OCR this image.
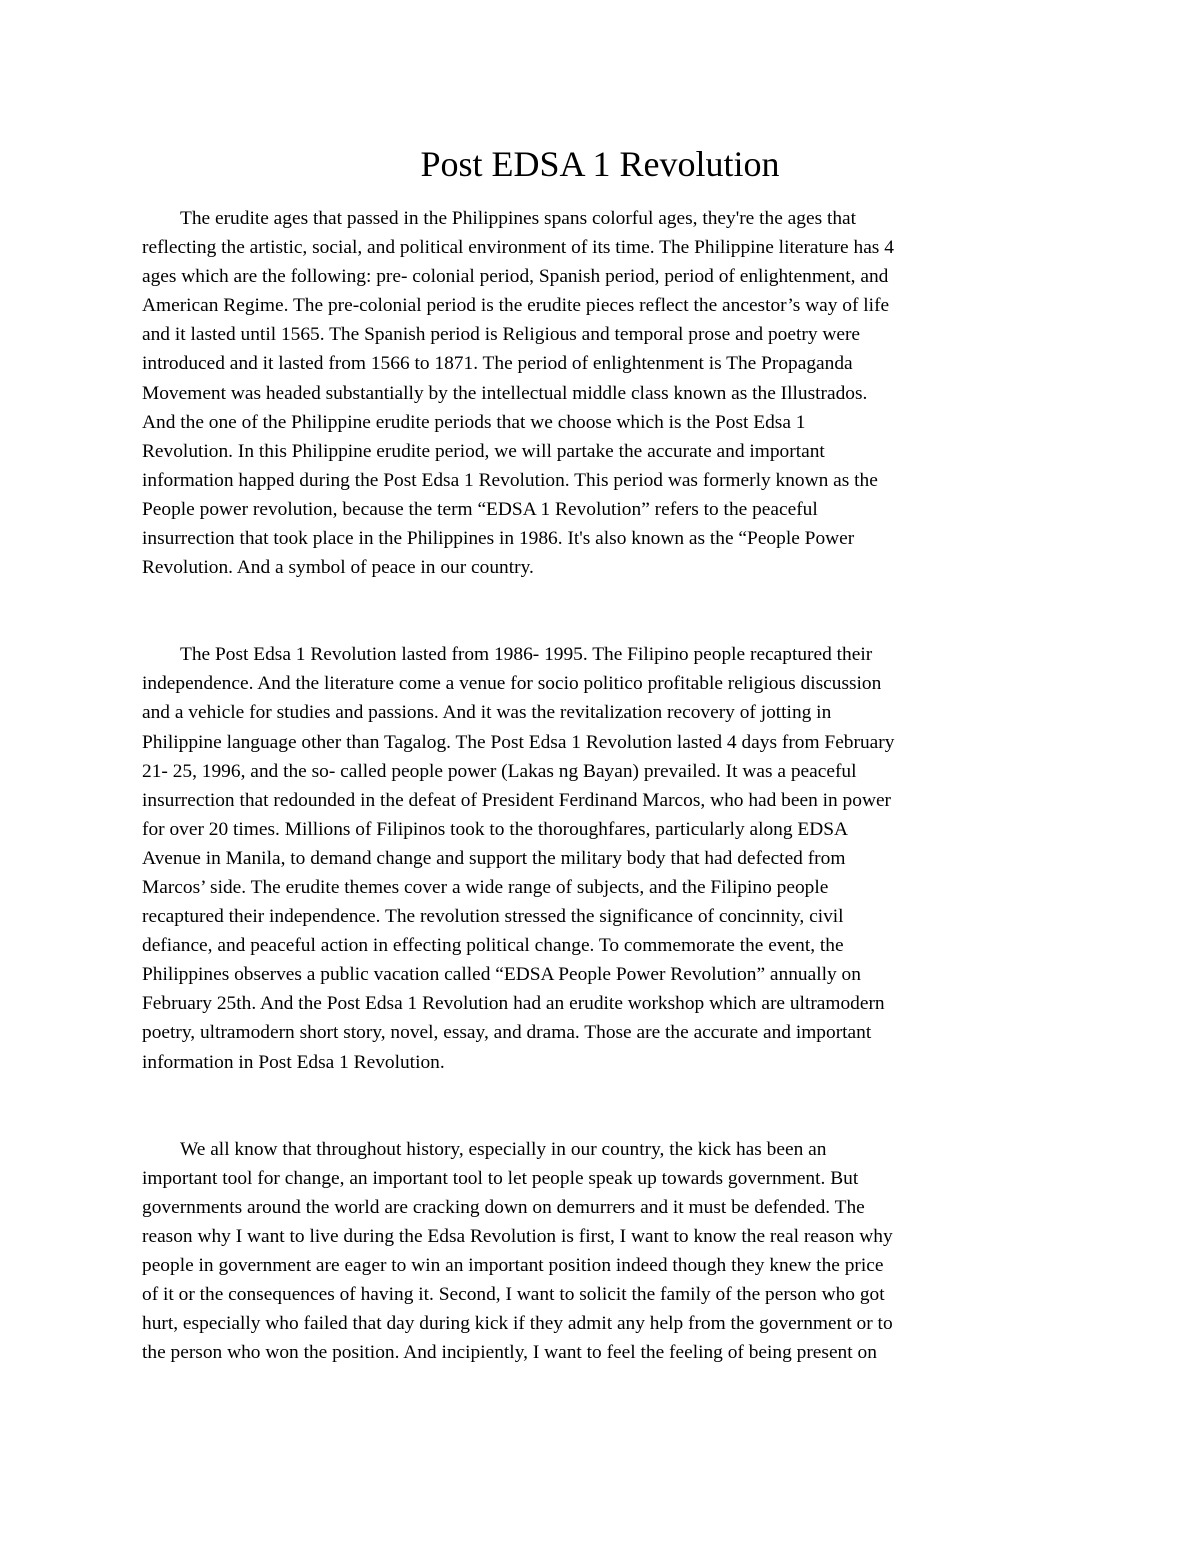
Post EDSA 1 Revolution
The erudite ages that passed in the Philippines spans colorful ages, they're the ages that
reflecting the artistic, social, and political environment of its time. The Philippine literature has 4
ages which are the following: pre- colonial period, Spanish period, period of enlightenment, and
American Regime. The pre-colonial period is the erudite pieces reflect the ancestor’s way of life
and it lasted until 1565. The Spanish period is Religious and temporal prose and poetry were
introduced and it lasted from 1566 to 1871. The period of enlightenment is The Propaganda
Movement was headed substantially by the intellectual middle class known as the Illustrados.
And the one of the Philippine erudite periods that we choose which is the Post Edsa 1
Revolution. In this Philippine erudite period, we will partake the accurate and important
information happed during the Post Edsa 1 Revolution. This period was formerly known as the
People power revolution, because the term “EDSA 1 Revolution” refers to the peaceful
insurrection that took place in the Philippines in 1986. It's also known as the “People Power
Revolution. And a symbol of peace in our country.
The Post Edsa 1 Revolution lasted from 1986- 1995. The Filipino people recaptured their
independence. And the literature come a venue for socio politico profitable religious discussion
and a vehicle for studies and passions. And it was the revitalization recovery of jotting in
Philippine language other than Tagalog. The Post Edsa 1 Revolution lasted 4 days from February
21- 25, 1996, and the so- called people power (Lakas ng Bayan) prevailed. It was a peaceful
insurrection that redounded in the defeat of President Ferdinand Marcos, who had been in power
for over 20 times. Millions of Filipinos took to the thoroughfares, particularly along EDSA
Avenue in Manila, to demand change and support the military body that had defected from
Marcos’ side. The erudite themes cover a wide range of subjects, and the Filipino people
recaptured their independence. The revolution stressed the significance of concinnity, civil
defiance, and peaceful action in effecting political change. To commemorate the event, the
Philippines observes a public vacation called “EDSA People Power Revolution” annually on
February 25th. And the Post Edsa 1 Revolution had an erudite workshop which are ultramodern
poetry, ultramodern short story, novel, essay, and drama. Those are the accurate and important
information in Post Edsa 1 Revolution.
We all know that throughout history, especially in our country, the kick has been an
important tool for change, an important tool to let people speak up towards government. But
governments around the world are cracking down on demurrers and it must be defended. The
reason why I want to live during the Edsa Revolution is first, I want to know the real reason why
people in government are eager to win an important position indeed though they knew the price
of it or the consequences of having it. Second, I want to solicit the family of the person who got
hurt, especially who failed that day during kick if they admit any help from the government or to
the person who won the position. And incipiently, I want to feel the feeling of being present on
